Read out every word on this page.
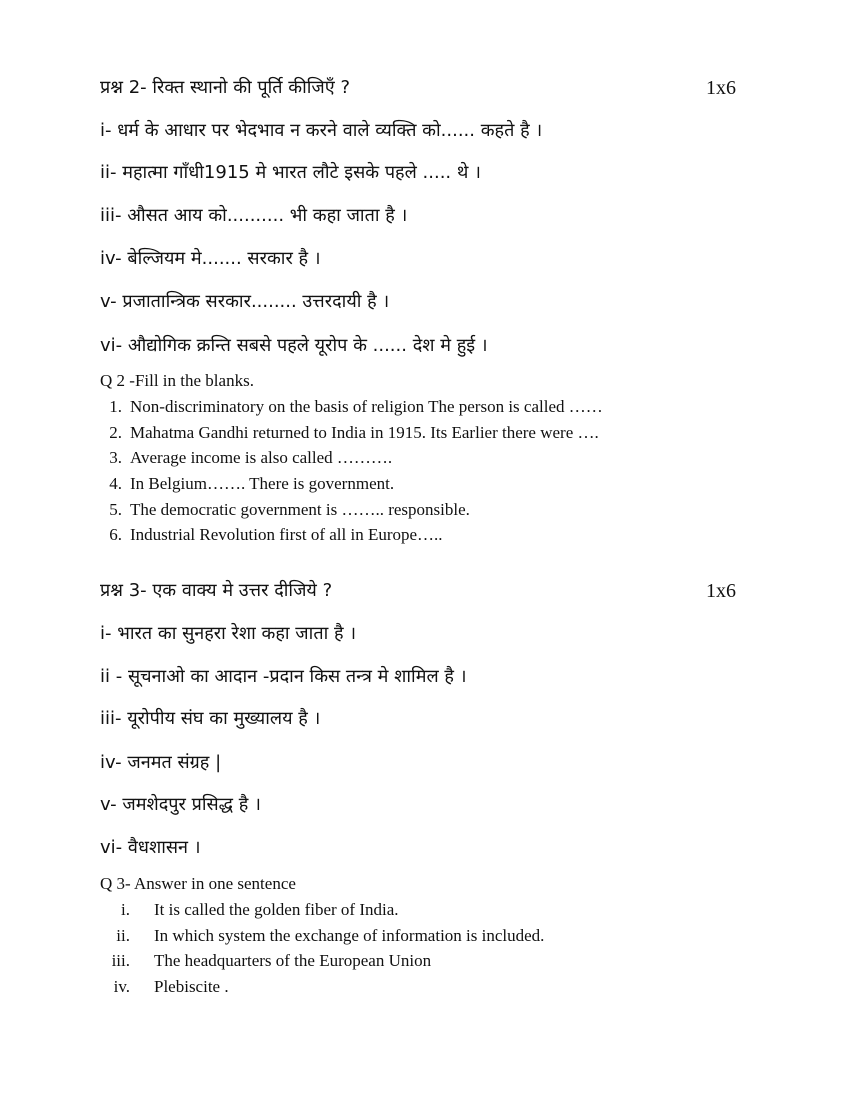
प्रश्न 2- रिक्त स्थानो की पूर्ति कीजिएँ ?	1x6
i- धर्म के आधार पर भेदभाव न करने वाले व्यक्ति को...... कहते है ।
ii- महात्मा गाँधी1915 मे भारत लौटे इसके पहले ..... थे ।
iii- औसत आय को.......... भी कहा जाता है ।
iv- बेल्जियम मे....... सरकार है ।
v- प्रजातान्त्रिक सरकार........ उत्तरदायी है ।
vi- औद्योगिक क्रन्ति सबसे पहले यूरोप के ...... देश मे हुई ।
Q 2 -Fill in the blanks.
1. Non-discriminatory on the basis of religion The person is called ……
2. Mahatma Gandhi returned to India in 1915. Its Earlier there were ….
3. Average income is also called ……….
4. In Belgium……. There is government.
5. The democratic government is …….. responsible.
6. Industrial Revolution first of all in Europe…..
प्रश्न 3- एक वाक्य मे उत्तर दीजिये ?	1x6
i- भारत का सुनहरा रेशा कहा जाता है ।
ii - सूचनाओ का आदान -प्रदान किस तन्त्र मे शामिल है ।
iii- यूरोपीय संघ का मुख्यालय है ।
iv- जनमत संग्रह |
v- जमशेदपुर प्रसिद्ध है ।
vi- वैधशासन ।
Q 3- Answer in one sentence
i. It is called the golden fiber of India.
ii. In which system the exchange of information is included.
iii. The headquarters of the European Union
iv. Plebiscite .
